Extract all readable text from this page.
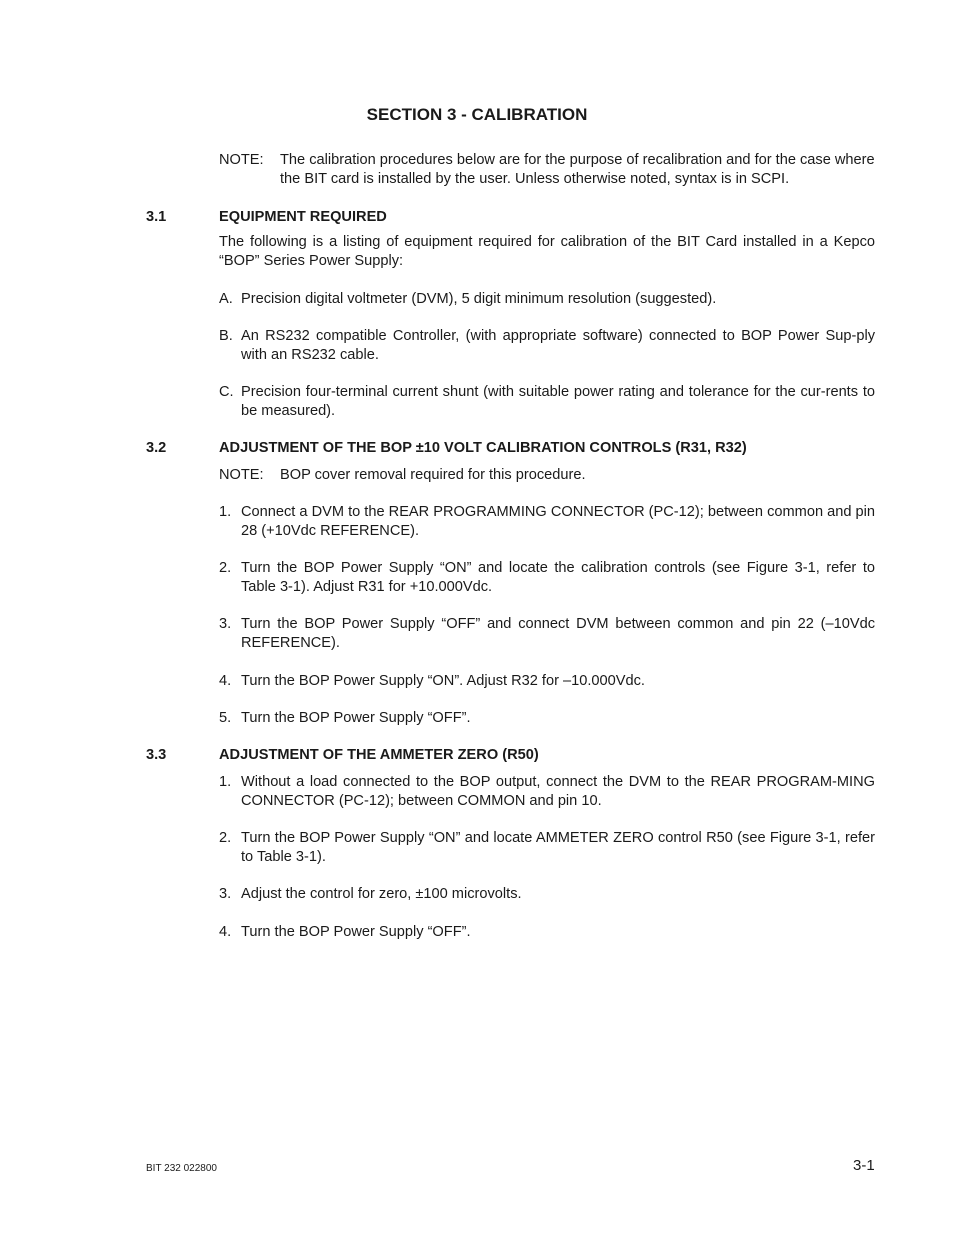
SECTION 3 - CALIBRATION
NOTE: The calibration procedures below are for the purpose of recalibration and for the case where the BIT card is installed by the user. Unless otherwise noted, syntax is in SCPI.
3.1	EQUIPMENT REQUIRED
The following is a listing of equipment required for calibration of the BIT Card installed in a Kepco “BOP” Series Power Supply:
A. Precision digital voltmeter (DVM), 5 digit minimum resolution (suggested).
B. An RS232 compatible Controller, (with appropriate software) connected to BOP Power Sup-ply with an RS232 cable.
C. Precision four-terminal current shunt (with suitable power rating and tolerance for the cur-rents to be measured).
3.2	ADJUSTMENT OF THE BOP ±10 VOLT CALIBRATION CONTROLS (R31, R32)
NOTE: BOP cover removal required for this procedure.
1. Connect a DVM to the REAR PROGRAMMING CONNECTOR (PC-12); between common and pin 28 (+10Vdc REFERENCE).
2. Turn the BOP Power Supply “ON” and locate the calibration controls (see Figure 3-1, refer to Table 3-1). Adjust R31 for +10.000Vdc.
3. Turn the BOP Power Supply “OFF” and connect DVM between common and pin 22 (–10Vdc REFERENCE).
4. Turn the BOP Power Supply “ON”. Adjust R32 for –10.000Vdc.
5. Turn the BOP Power Supply “OFF”.
3.3	ADJUSTMENT OF THE AMMETER ZERO (R50)
1. Without a load connected to the BOP output, connect the DVM to the REAR PROGRAM-MING CONNECTOR (PC-12); between COMMON and pin 10.
2. Turn the BOP Power Supply “ON” and locate AMMETER ZERO control R50 (see Figure 3-1, refer to Table 3-1).
3. Adjust the control for zero, ±100 microvolts.
4. Turn the BOP Power Supply “OFF”.
BIT 232 022800	3-1
